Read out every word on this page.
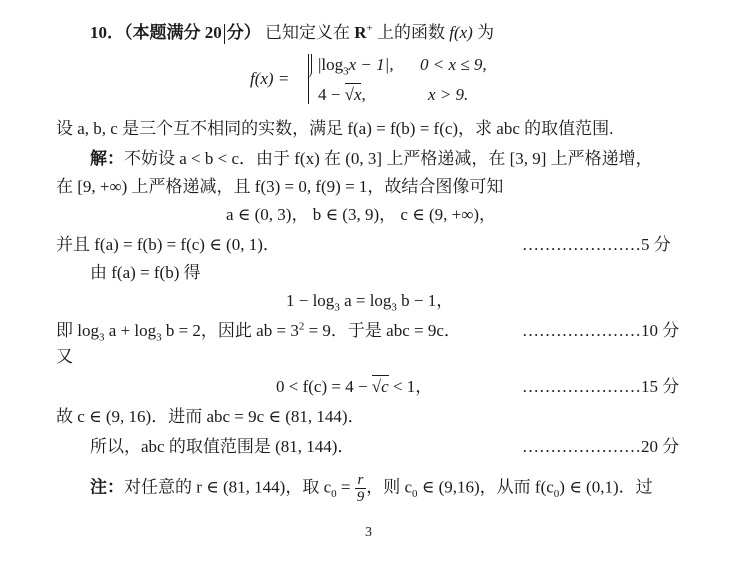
10．（本题满分 20 分） 已知定义在 R+ 上的函数 f(x) 为
f(x) =
$|\log_3x - 1|$, 0 < x ≤ 9,
4 − √x,	x > 9.
设 a, b, c 是三个互不相同的实数，满足 f(a) = f(b) = f(c)，求 abc 的取值范围.
解：不妨设 a < b < c．由于 f(x) 在 (0, 3] 上严格递减，在 [3, 9] 上严格递增，
在 [9, +∞) 上严格递减，且 f(3) = 0, f(9) = 1，故结合图像可知
a ∈ (0, 3)， b ∈ (3, 9)， c ∈ (9, +∞)，
并且 f(a) = f(b) = f(c) ∈ (0, 1)．	…………………5 分
由 f(a) = f(b) 得
$1 - \log_3 a = \log_3 b - 1$，
即 $\log_3 a + \log_3 b = 2$，因此 ab = $3^2 = 9$．于是 abc = 9c．	…………………10 分
又
0 < f(c) = 4 − √c < 1，	…………………15 分
故 c ∈ (9, 16)．进而 abc = 9c ∈ (81, 144)．
所以，abc 的取值范围是 (81, 144)．	…………………20 分
注：对任意的 r ∈ (81, 144)，取 $c_0 = \frac{r}{9}$ ，则 $c_0$ ∈ (9,16)，从而 $f(c_0)$ ∈ (0,1)．过
3
